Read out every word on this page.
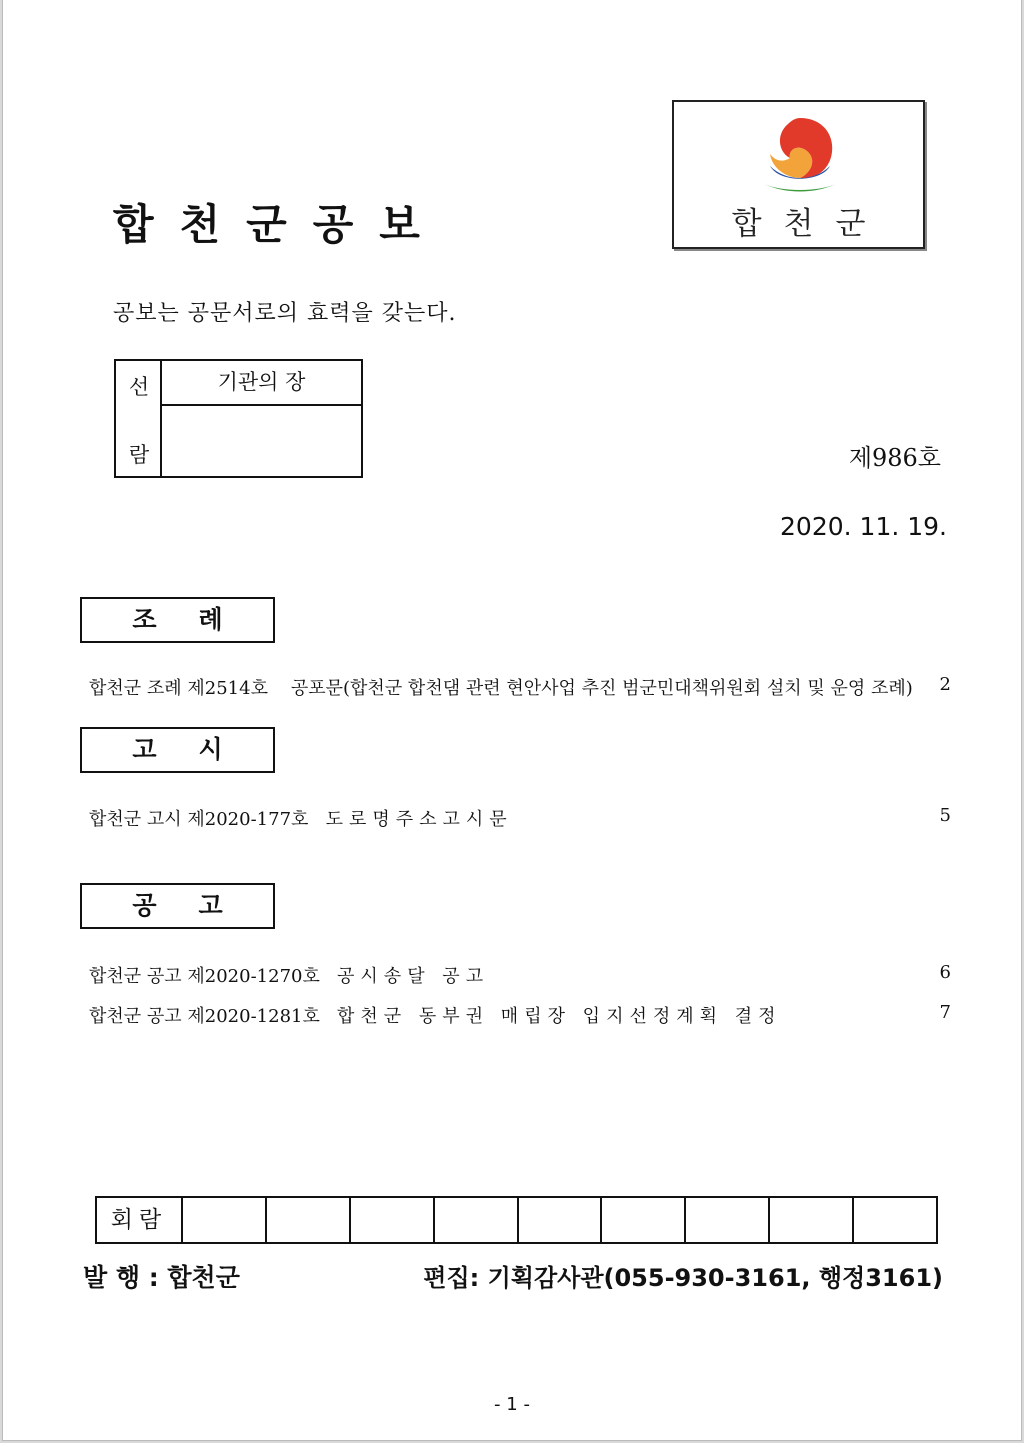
합천군공보	합천군
공보는 공문서로의 효력을 갖는다.
선
람
기관의 장
제986호
2020. 11. 19.
조례
합천군 조례 제2514호 공포문(합천군 합천댐 관련 현안사업 추진 범군민대책위원회 설치 및 운영 조례) 2
고시
합천군 고시 제2020-177호 도로명주소고시문	5
공고
합천군 공고 제2020-1270호 공시송달 공고	6
합천군 공고 제2020-1281호 합천군 동부권 매립장 입지선정계획 결정	7
회람
발 행 : 합천군	편집: 기획감사관(055-930-3161, 행정3161)
- 1 -
